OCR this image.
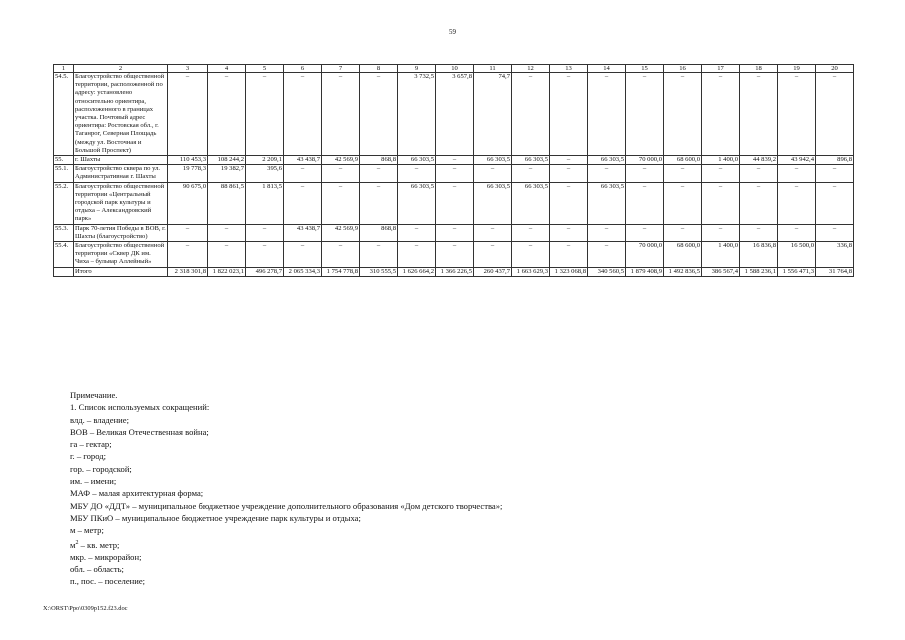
59
1	2	3	4	5	6	7	8	9	10	11	12	13	14	15	16	17	18	19	20
54.5.	Благоустройство общественной территории, расположенной по адресу: установлено относительно ориентира, расположенного в границах участка. Почтовый адрес ориентира: Ростовская обл., г. Таганрог, Северная Площадь (между ул. Восточная и Большой Проспект)	–	–	–	–	–	–	3 732,5	3 657,8	74,7	–	–	–	–	–	–	–	–	–
55.	г. Шахты	110 453,3	108 244,2	2 209,1	43 438,7	42 569,9	868,8	66 303,5	–	66 303,5	66 303,5	–	66 303,5	70 000,0	68 600,0	1 400,0	44 839,2	43 942,4	896,8
55.1.	Благоустройство сквера по ул. Административная г. Шахты	19 778,3	19 382,7	395,6	–	–	–	–	–	–	–	–	–	–	–	–	–	–	–
55.2.	Благоустройство общественной территории «Центральный городской парк культуры и отдыха – Александровский парк»	90 675,0	88 861,5	1 813,5	–	–	–	66 303,5	–	66 303,5	66 303,5	–	66 303,5	–	–	–	–	–	–
55.3.	Парк 70-летия Победы в ВОВ, г. Шахты (благоустройство)	–	–	–	43 438,7	42 569,9	868,8	–	–	–	–	–	–	–	–	–	–	–	–
55.4.	Благоустройство общественной территории «Сквер ДК им. Чиха – бульвар Аллейный»	–	–	–	–	–	–	–	–	–	–	–	–	70 000,0	68 600,0	1 400,0	16 836,8	16 500,0	336,8
	Итого	2 318 301,8	1 822 023,1	496 278,7	2 065 334,3	1 754 778,8	310 555,5	1 626 664,2	1 366 226,5	260 437,7	1 663 629,3	1 323 068,8	340 560,5	1 879 408,9	1 492 836,5	386 567,4	1 588 236,1	1 556 471,3	31 764,8
Примечание.
1. Список используемых сокращений:
влд. – владение;
ВОВ – Великая Отечественная война;
га – гектар;
г. – город;
гор. – городской;
им. – имени;
МАФ – малая архитектурная форма;
МБУ ДО «ДДТ» – муниципальное бюджетное учреждение дополнительного образования «Дом детского творчества»;
МБУ ПКиО – муниципальное бюджетное учреждение парк культуры и отдыха;
м – метр;
$м^2$ – кв. метр;
мкр. – микрорайон;
обл. – область;
п., пос. – поселение;
X:\ORST\Ppo\0309p152.f23.doc
